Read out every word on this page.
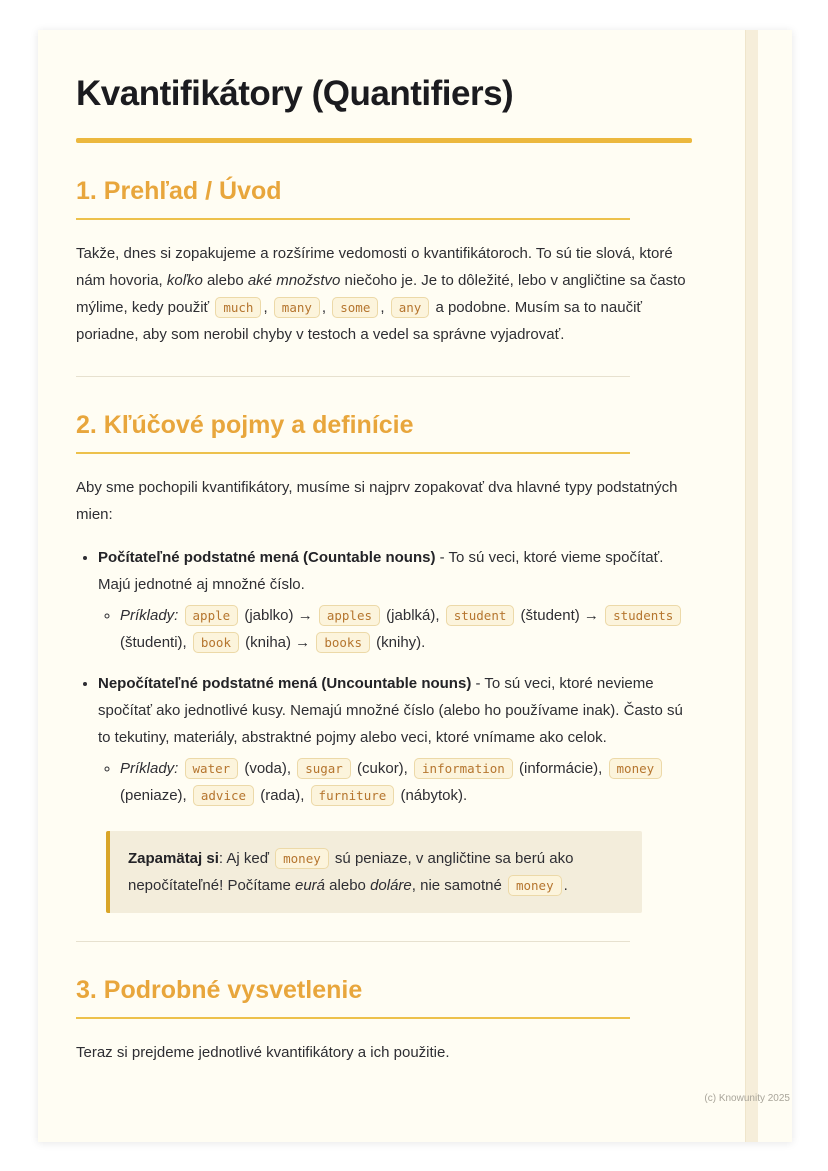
Kvantifikátory (Quantifiers)
1. Prehľad / Úvod

Takže, dnes si zopakujeme a rozšírime vedomosti o kvantifikátoroch. To sú tie slová, ktoré nám hovoria, koľko alebo aké množstvo niečoho je. Je to dôležité, lebo v angličtine sa často mýlime, kedy použiť much , many , some , any a podobne. Musím sa to naučiť poriadne, aby som nerobil chyby v testoch a vedel sa správne vyjadrovať.

2. Kľúčové pojmy a definície

Aby sme pochopili kvantifikátory, musíme si najprv zopakovať dva hlavné typy podstatných mien:

• Počítateľné podstatné mená (Countable nouns) - To sú veci, ktoré vieme spočítať. Majú jednotné aj množné číslo.

◦ Príklady: apple (jablko) → apples (jablká), student (študent) → students (študenti), book (kniha) → books (knihy).

• Nepočítateľné podstatné mená (Uncountable nouns) - To sú veci, ktoré nevieme spočítať ako jednotlivé kusy. Nemajú množné číslo (alebo ho používame inak). Často sú to tekutiny, materiály, abstraktné pojmy alebo veci, ktoré vnímame ako celok.

◦ Príklady: water (voda), sugar (cukor), information (informácie), money (peniaze), advice (rada), furniture (nábytok).

Zapamätaj si: Aj keď money sú peniaze, v angličtine sa berú ako nepočítateľné! Počítame eurá alebo doláre, nie samotné money .

3. Podrobné vysvetlenie

Teraz si prejdeme jednotlivé kvantifikátory a ich použitie.

(c) Knowunity 2025
